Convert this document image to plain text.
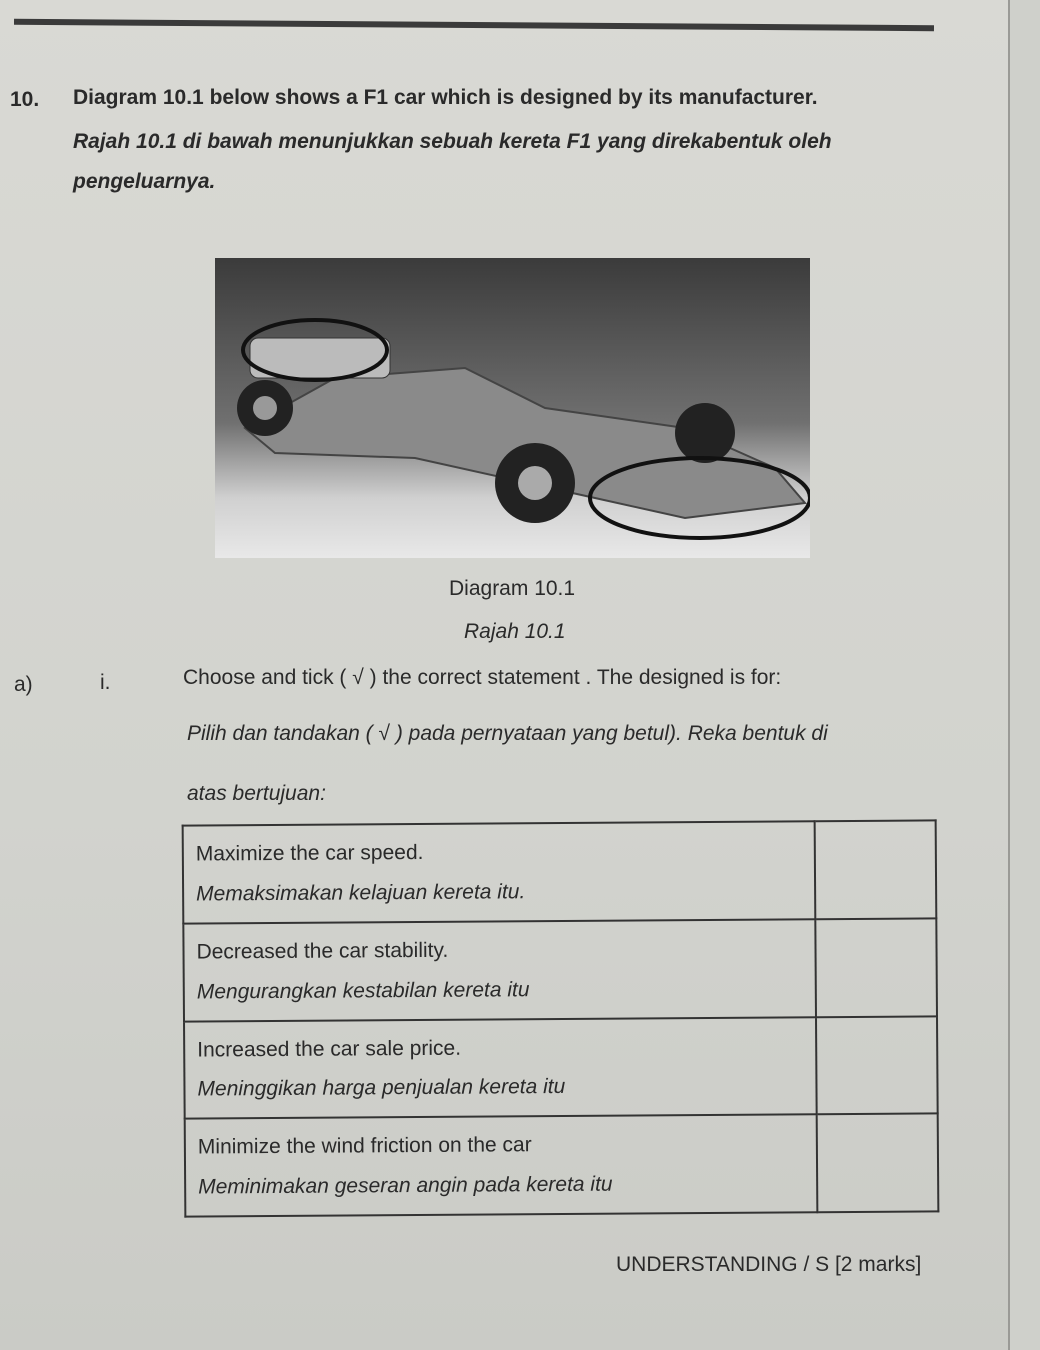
10. Diagram 10.1 below shows a F1 car which is designed by its manufacturer.
Rajah 10.1 di bawah menunjukkan sebuah kereta F1 yang direkabentuk oleh
pengeluarnya.
Diagram 10.1
Rajah 10.1
a)	i.	Choose and tick ( √ ) the correct statement . The designed is for:
Pilih dan tandakan ( √ ) pada pernyataan yang betul). Reka bentuk di
atas bertujuan:
Maximize the car speed.
Memaksimakan kelajuan kereta itu.	

Decreased the car stability.
Mengurangkan kestabilan kereta itu	

Increased the car sale price.
Meninggikan harga penjualan kereta itu	

Minimize the wind friction on the car
Meminimakan geseran angin pada kereta itu	

UNDERSTANDING / S [2 marks]
